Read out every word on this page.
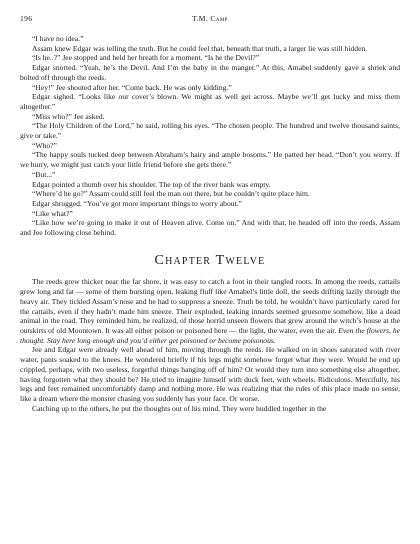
196	T.M. Camp

“I have no idea.”

Assam knew Edgar was telling the truth. But he could feel that, beneath that truth, a larger lie was still hidden.

“Is he..?” Jee stopped and held her breath for a moment. “Is he the Devil?”

Edgar snorted. “Yeah, he’s the Devil. And I’m the baby in the manger.” At this, Amabel suddenly gave a shriek and bolted off through the reeds.

“Hey!” Jee shouted after her. “Come back. He was only kidding.”

Edgar sighed. “Looks like our cover’s blown. We might as well get across. Maybe we’ll get lucky and miss them altogether.”

“Miss who?” Jee asked.

“The Holy Children of the Lord,” he said, rolling his eyes. “The chosen people. The hundred and twelve thousand saints, give or take.”

“Who?”

“The happy souls tucked deep between Abraham’s hairy and ample bosoms.” He patted her head. “Don’t you worry. If we hurry, we might just catch your little friend before she gets there.”

“But...”

Edgar pointed a thumb over his shoulder. The top of the river bank was empty.

“Where’d he go?” Assam could still feel the man out there, but he couldn’t quite place him.

Edgar shrugged. “You’ve got more important things to worry about.”

“Like what?”

“Like how we’re going to make it out of Heaven alive. Come on.” And with that, he headed off into the reeds, Assam and Jee following close behind.

Chapter Twelve

The reeds grew thicker near the far shore, it was easy to catch a foot in their tangled roots. In among the reeds, cattails grew long and fat — some of them bursting open, leaking fluff like Amabel’s little doll, the seeds drifting lazily through the heavy air. They tickled Assam’s nose and he had to suppress a sneeze. Truth be told, he wouldn’t have particularly cared for the cattails, even if they hadn’t made him sneeze. Their exploded, leaking innards seemed gruesome somehow, like a dead animal in the road. They reminded him, he realized, of those horrid unseen flowers that grew around the witch’s house at the outskirts of old Moontown. It was all either poison or poisoned here — the light, the water, even the air. Even the flowers, he thought. Stay here long enough and you’d either get poisoned or become poisonous.

Jee and Edgar were already well ahead of him, moving through the reeds. He walked on in shoes saturated with river water, pants soaked to the knees. He wondered briefly if his legs might somehow forget what they were. Would he end up crippled, perhaps, with two useless, forgetful things hanging off of him? Or would they turn into something else altogether, having forgotten what they should be? He tried to imagine himself with duck feet, with wheels. Ridiculous. Mercifully, his legs and feet remained uncomfortably damp and nothing more. He was realizing that the rules of this place made no sense, like a dream where the monster chasing you suddenly has your face. Or worse.

Catching up to the others, he put the thoughts out of his mind. They were huddled together in the
